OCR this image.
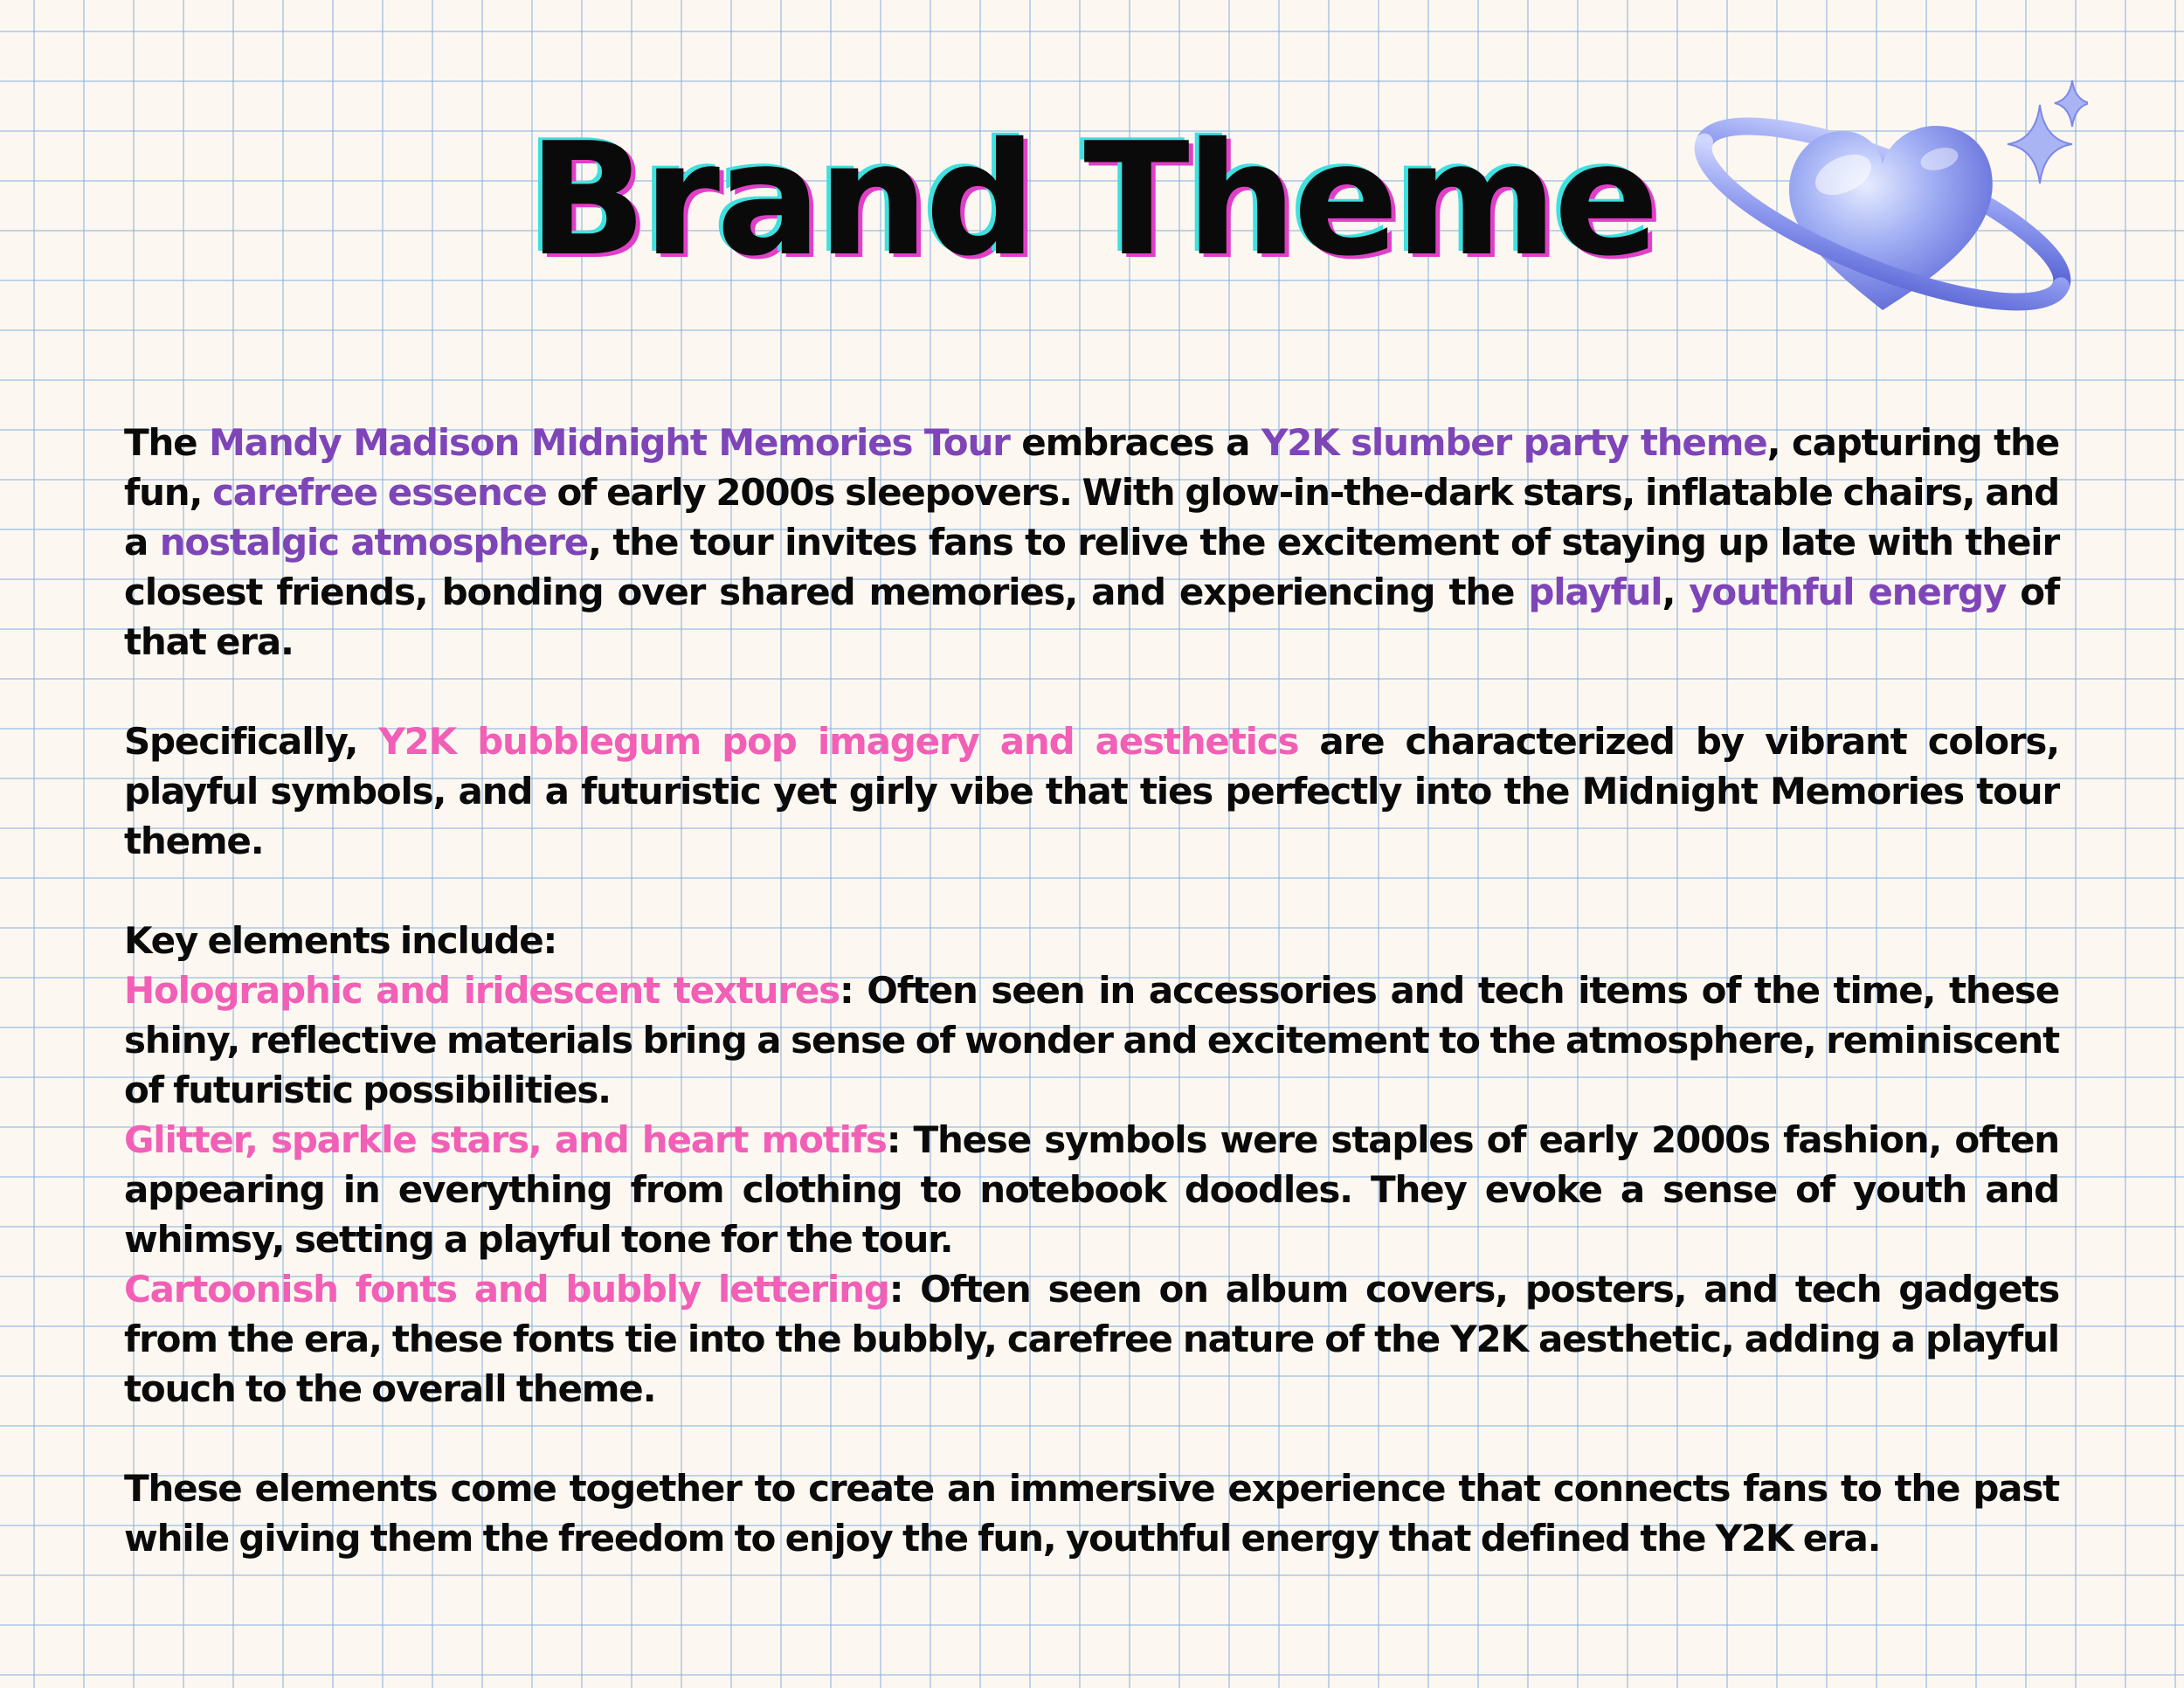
Brand Theme

The Mandy Madison Midnight Memories Tour embraces a Y2K slumber party theme, capturing the fun, carefree essence of early 2000s sleepovers. With glow-in-the-dark stars, inflatable chairs, and a nostalgic atmosphere, the tour invites fans to relive the excitement of staying up late with their closest friends, bonding over shared memories, and experiencing the playful, youthful energy of that era.

Specifically, Y2K bubblegum pop imagery and aesthetics are characterized by vibrant colors, playful symbols, and a futuristic yet girly vibe that ties perfectly into the Midnight Memories tour theme.

Key elements include:

Holographic and iridescent textures: Often seen in accessories and tech items of the time, these shiny, reflective materials bring a sense of wonder and excitement to the atmosphere, reminiscent of futuristic possibilities.

Glitter, sparkle stars, and heart motifs: These symbols were staples of early 2000s fashion, often appearing in everything from clothing to notebook doodles. They evoke a sense of youth and whimsy, setting a playful tone for the tour.

Cartoonish fonts and bubbly lettering: Often seen on album covers, posters, and tech gadgets from the era, these fonts tie into the bubbly, carefree nature of the Y2K aesthetic, adding a playful touch to the overall theme.

These elements come together to create an immersive experience that connects fans to the past while giving them the freedom to enjoy the fun, youthful energy that defined the Y2K era.
